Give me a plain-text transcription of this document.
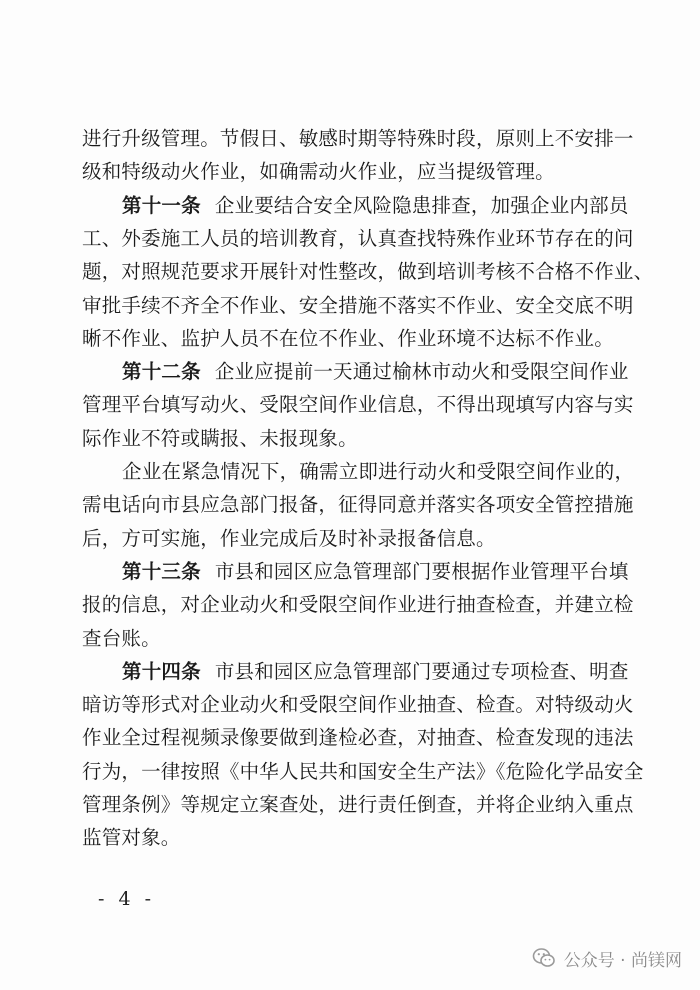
进行升级管理。节假日、敏感时期等特殊时段，原则上不安排一
级和特级动火作业，如确需动火作业，应当提级管理。
第十一条 企业要结合安全风险隐患排查，加强企业内部员
工、外委施工人员的培训教育，认真查找特殊作业环节存在的问
题，对照规范要求开展针对性整改，做到培训考核不合格不作业、
审批手续不齐全不作业、安全措施不落实不作业、安全交底不明
晰不作业、监护人员不在位不作业、作业环境不达标不作业。
第十二条 企业应提前一天通过榆林市动火和受限空间作业
管理平台填写动火、受限空间作业信息，不得出现填写内容与实
际作业不符或瞒报、未报现象。
企业在紧急情况下，确需立即进行动火和受限空间作业的，
需电话向市县应急部门报备，征得同意并落实各项安全管控措施
后，方可实施，作业完成后及时补录报备信息。
第十三条 市县和园区应急管理部门要根据作业管理平台填
报的信息，对企业动火和受限空间作业进行抽查检查，并建立检
查台账。
第十四条 市县和园区应急管理部门要通过专项检查、明查
暗访等形式对企业动火和受限空间作业抽查、检查。对特级动火
作业全过程视频录像要做到逢检必查，对抽查、检查发现的违法
行为，一律按照《中华人民共和国安全生产法》《危险化学品安全
管理条例》等规定立案查处，进行责任倒查，并将企业纳入重点
监管对象。
- 4 -
公众号 · 尚镁网
